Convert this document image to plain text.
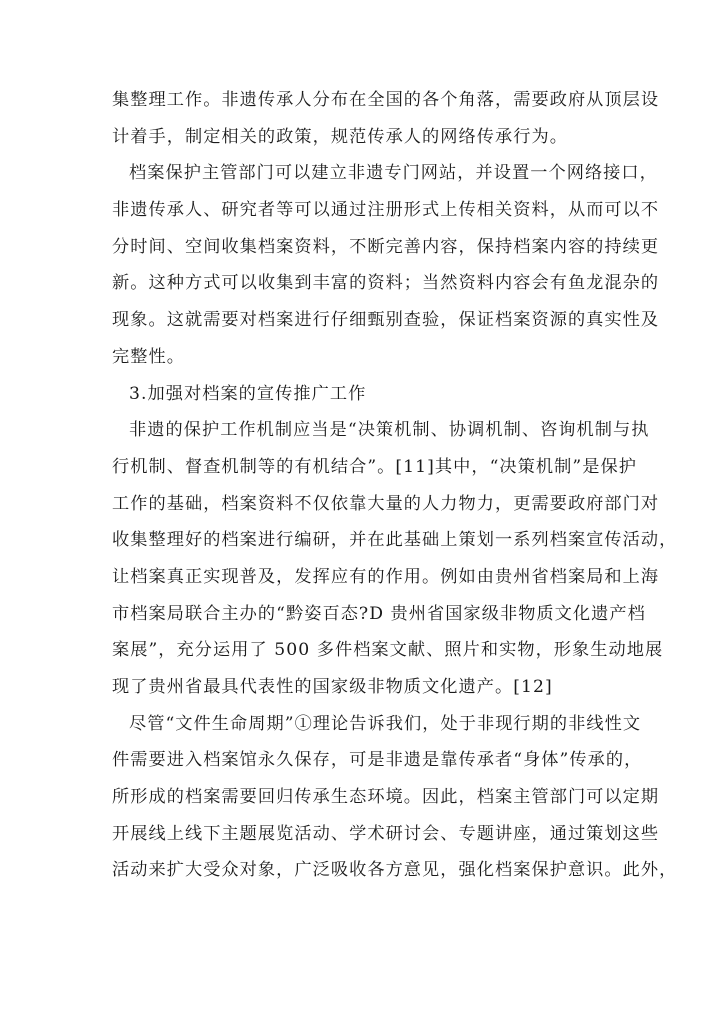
集整理工作。非遗传承人分布在全国的各个角落，需要政府从顶层设
计着手，制定相关的政策，规范传承人的网络传承行为。
档案保护主管部门可以建立非遗专门网站，并设置一个网络接口，
非遗传承人、研究者等可以通过注册形式上传相关资料，从而可以不
分时间、空间收集档案资料，不断完善内容，保持档案内容的持续更
新。这种方式可以收集到丰富的资料；当然资料内容会有鱼龙混杂的
现象。这就需要对档案进行仔细甄别查验，保证档案资源的真实性及
完整性。
3.加强对档案的宣传推广工作
非遗的保护工作机制应当是“决策机制、协调机制、咨询机制与执
行机制、督查机制等的有机结合”。[11]其中，“决策机制”是保护
工作的基础，档案资料不仅依靠大量的人力物力，更需要政府部门对
收集整理好的档案进行编研，并在此基础上策划一系列档案宣传活动，
让档案真正实现普及，发挥应有的作用。例如由贵州省档案局和上海
市档案局联合主办的“黔姿百态?D 贵州省国家级非物质文化遗产档
案展”，充分运用了 500 多件档案文献、照片和实物，形象生动地展
现了贵州省最具代表性的国家级非物质文化遗产。[12]
尽管“文件生命周期”①理论告诉我们，处于非现行期的非线性文
件需要进入档案馆永久保存，可是非遗是靠传承者“身体”传承的，
所形成的档案需要回归传承生态环境。因此，档案主管部门可以定期
开展线上线下主题展览活动、学术研讨会、专题讲座，通过策划这些
活动来扩大受众对象，广泛吸收各方意见，强化档案保护意识。此外，
